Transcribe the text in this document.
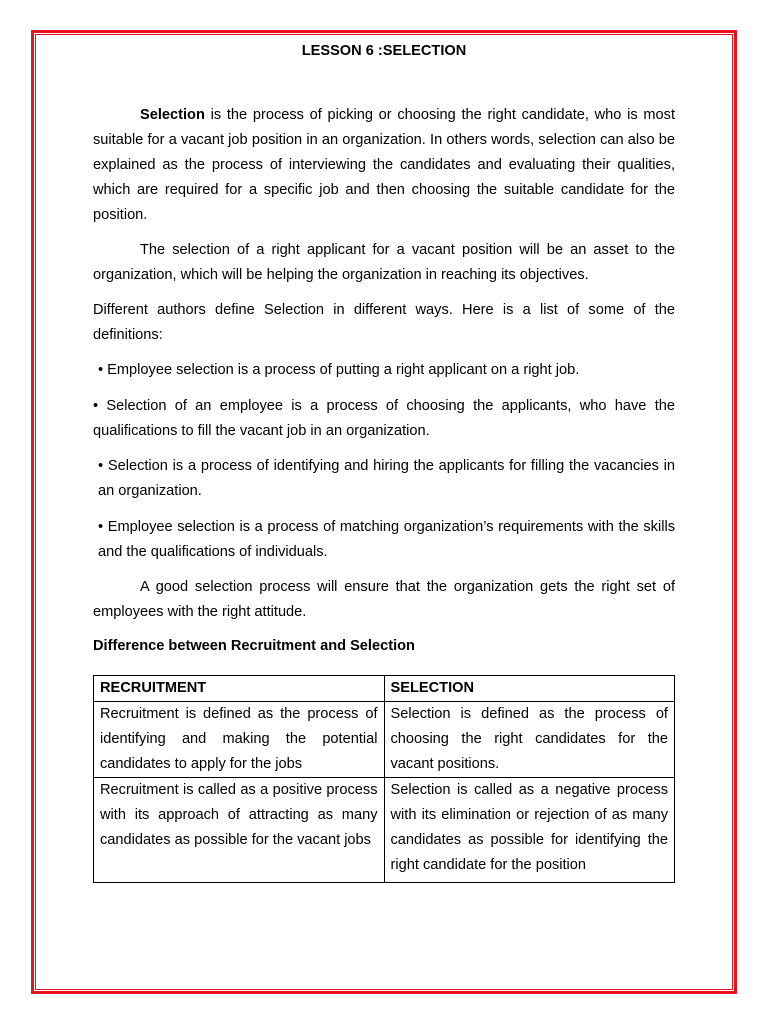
LESSON 6 :SELECTION

Selection is the process of picking or choosing the right candidate, who is most suitable for a vacant job position in an organization. In others words, selection can also be explained as the process of interviewing the candidates and evaluating their qualities, which are required for a specific job and then choosing the suitable candidate for the position.

The selection of a right applicant for a vacant position will be an asset to the organization, which will be helping the organization in reaching its objectives.

Different authors define Selection in different ways. Here is a list of some of the definitions:

• Employee selection is a process of putting a right applicant on a right job.

• Selection of an employee is a process of choosing the applicants, who have the qualifications to fill the vacant job in an organization.

• Selection is a process of identifying and hiring the applicants for filling the vacancies in an organization.

• Employee selection is a process of matching organization’s requirements with the skills and the qualifications of individuals.

A good selection process will ensure that the organization gets the right set of employees with the right attitude.

Difference between Recruitment and Selection
RECRUITMENT	SELECTION
Recruitment is defined as the process of identifying and making the potential candidates to apply for the jobs	Selection is defined as the process of choosing the right candidates for the vacant positions.
Recruitment is called as a positive process with its approach of attracting as many candidates as possible for the vacant jobs	Selection is called as a negative process with its elimination or rejection of as many candidates as possible for identifying the right candidate for the position
